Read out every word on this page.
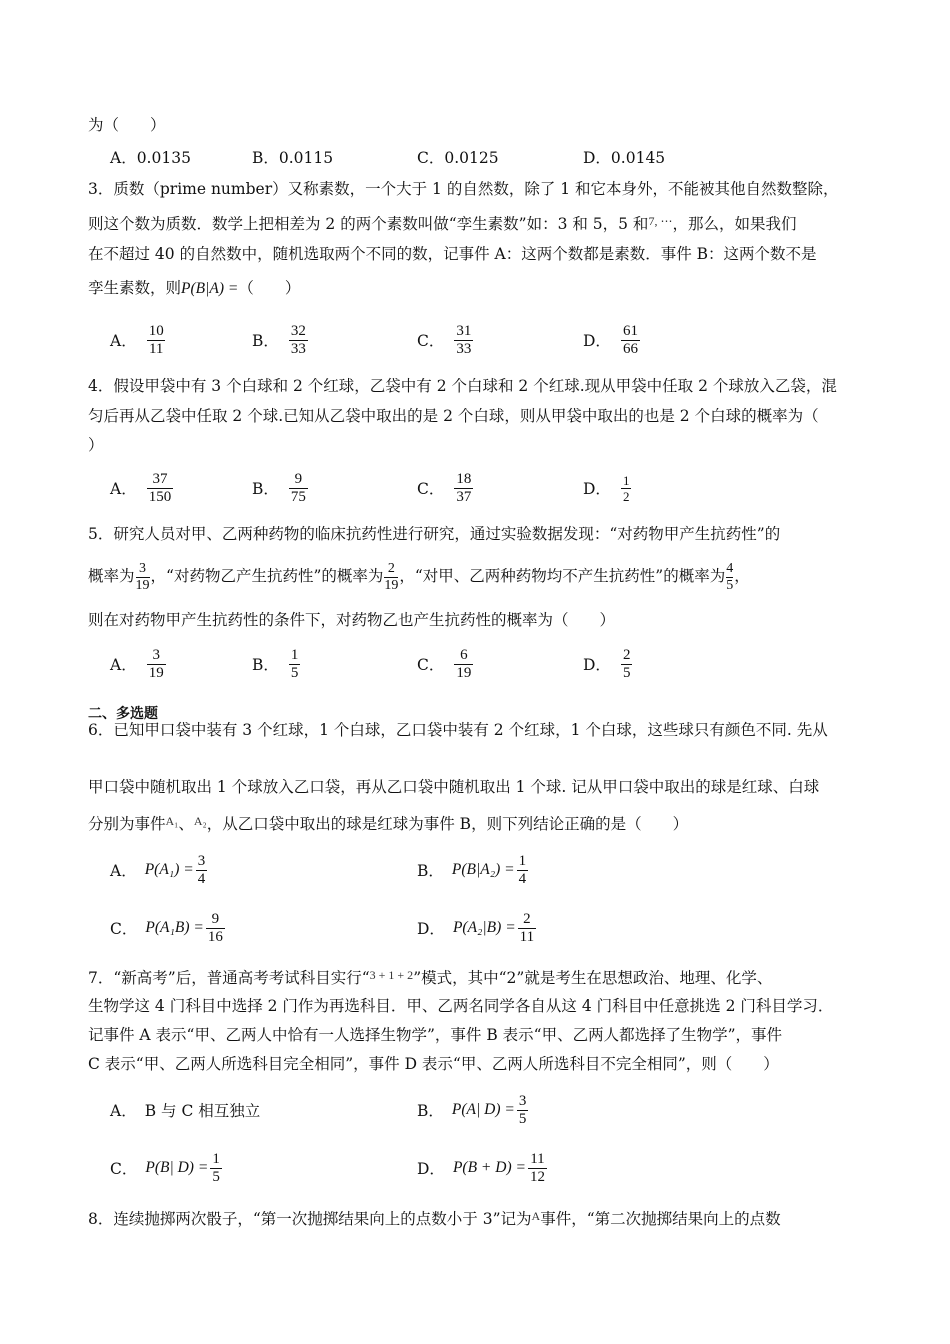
为（　　）
A．0.0135	B．0.0115	C．0.0125	D．0.0145
3．质数（prime number）又称素数，一个大于 1 的自然数，除了 1 和它本身外，不能被其他自然数整除，
则这个数为质数．数学上把相差为 2 的两个素数叫做“孪生素数”如：3 和 5，5 和$^{7, \cdots}$，那么，如果我们
在不超过 40 的自然数中，随机选取两个不同的数，记事件 A：这两个数都是素数．事件 B：这两个数不是
孪生素数，则P(B|A) =（　　）
A． $\frac{10}{11}$	B． $\frac{32}{33}$	C． $\frac{31}{33}$	D． $\frac{61}{66}$
4．假设甲袋中有 3 个白球和 2 个红球，乙袋中有 2 个白球和 2 个红球.现从甲袋中任取 2 个球放入乙袋，混
匀后再从乙袋中任取 2 个球.已知从乙袋中取出的是 2 个白球，则从甲袋中取出的也是 2 个白球的概率为（
）
A． $\frac{37}{150}$	B． $\frac{9}{75}$	C． $\frac{18}{37}$	D． $\frac{1}{2}$
5．研究人员对甲、乙两种药物的临床抗药性进行研究，通过实验数据发现：“对药物甲产生抗药性”的
概率为 $\frac{3}{19}$ ，“对药物乙产生抗药性”的概率为 $\frac{2}{19}$ ，“对甲、乙两种药物均不产生抗药性”的概率为 $\frac{4}{5}$ ，
则在对药物甲产生抗药性的条件下，对药物乙也产生抗药性的概率为（　　）
A． $\frac{3}{19}$	B． $\frac{1}{5}$	C． $\frac{6}{19}$	D． $\frac{2}{5}$
二、多选题
6．已知甲口袋中装有 3 个红球，1 个白球，乙口袋中装有 2 个红球，1 个白球，这些球只有颜色不同. 先从
甲口袋中随机取出 1 个球放入乙口袋，再从乙口袋中随机取出 1 个球. 记从甲口袋中取出的球是红球、白球
分别为事件$^{A_1}$、$^{A_2}$，从乙口袋中取出的球是红球为事件 B，则下列结论正确的是（　　）
A． $P(A_1) = \frac{3}{4}$	B． $P(B|A_2) = \frac{1}{4}$
C． $P(A_1B) = \frac{9}{16}$	D． $P(A_2|B) = \frac{2}{11}$
7．“新高考”后，普通高考考试科目实行“$^{3 + 1 + 2}$”模式，其中“2”就是考生在思想政治、地理、化学、
生物学这 4 门科目中选择 2 门作为再选科目．甲、乙两名同学各自从这 4 门科目中任意挑选 2 门科目学习．
记事件 A 表示“甲、乙两人中恰有一人选择生物学”，事件 B 表示“甲、乙两人都选择了生物学”，事件
C 表示“甲、乙两人所选科目完全相同”，事件 D 表示“甲、乙两人所选科目不完全相同”，则（　　）
A． B 与 C 相互独立	B． P(A| $D) = \frac{3}{5}$
C． P(B| $D) = \frac{1}{5}$	D． $P(B + D) = \frac{11}{12}$
8．连续抛掷两次骰子，“第一次抛掷结果向上的点数小于 3”记为$^A$事件，“第二次抛掷结果向上的点数
